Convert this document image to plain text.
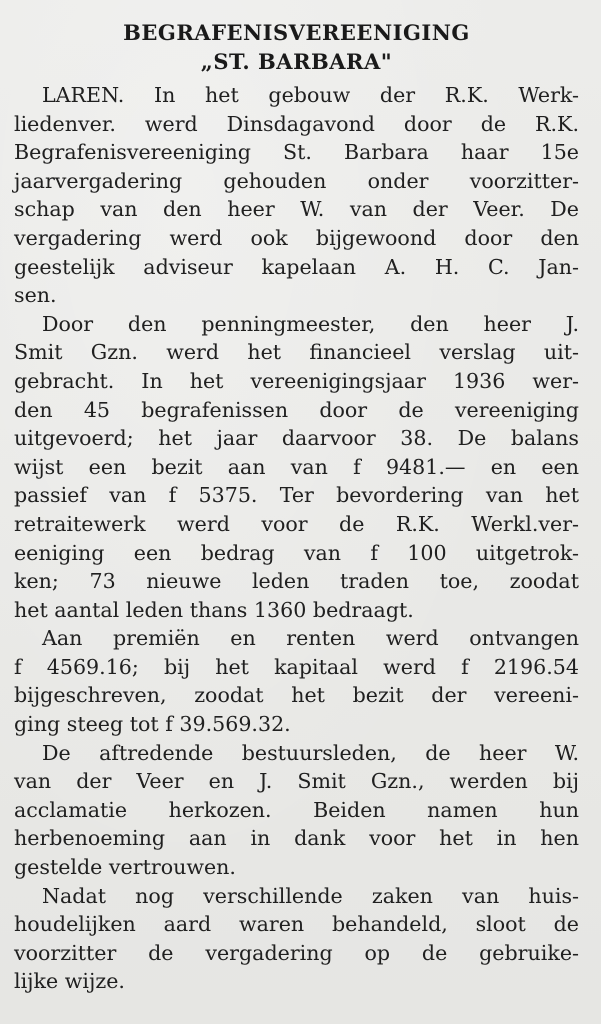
BEGRAFENISVEREENIGING
„ST. BARBARA"
LAREN. In het gebouw der R.K. Werk-
liedenver. werd Dinsdagavond door de R.K.
Begrafenisvereeniging St. Barbara haar 15e
jaarvergadering gehouden onder voorzitter-
schap van den heer W. van der Veer. De
vergadering werd ook bijgewoond door den
geestelijk adviseur kapelaan A. H. C. Jan-
sen.
Door den penningmeester, den heer J.
Smit Gzn. werd het financieel verslag uit-
gebracht. In het vereenigingsjaar 1936 wer-
den 45 begrafenissen door de vereeniging
uitgevoerd; het jaar daarvoor 38. De balans
wijst een bezit aan van f 9481.— en een
passief van f 5375. Ter bevordering van het
retraitewerk werd voor de R.K. Werkl.ver-
eeniging een bedrag van f 100 uitgetrok-
ken; 73 nieuwe leden traden toe, zoodat
het aantal leden thans 1360 bedraagt.
Aan premiën en renten werd ontvangen
f 4569.16; bij het kapitaal werd f 2196.54
bijgeschreven, zoodat het bezit der vereeni-
ging steeg tot f 39.569.32.
De aftredende bestuursleden, de heer W.
van der Veer en J. Smit Gzn., werden bij
acclamatie herkozen. Beiden namen hun
herbenoeming aan in dank voor het in hen
gestelde vertrouwen.
Nadat nog verschillende zaken van huis-
houdelijken aard waren behandeld, sloot de
voorzitter de vergadering op de gebruike-
lijke wijze.
